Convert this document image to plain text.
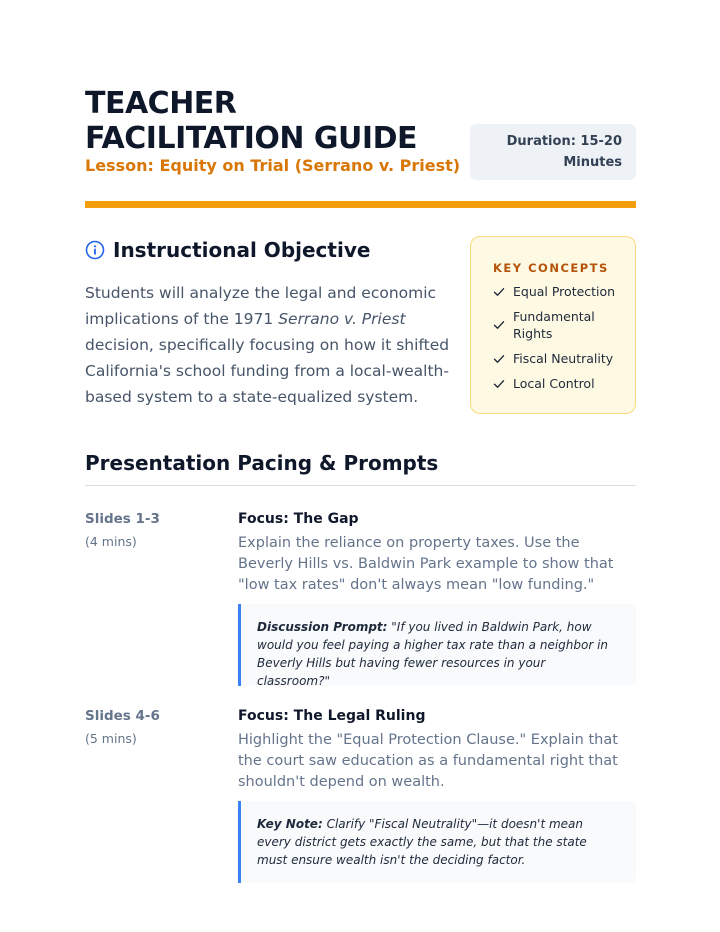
TEACHER FACILITATION GUIDE
Lesson: Equity on Trial (Serrano v. Priest)
Duration: 15-20
Minutes
Instructional Objective

Students will analyze the legal and economic implications of the 1971 Serrano v. Priest decision, specifically focusing on how it shifted California's school funding from a local-wealth-based system to a state-equalized system.

KEY CONCEPTS
Equal Protection
Fundamental Rights
Fiscal Neutrality
Local Control
Presentation Pacing & Prompts
Slides 1-3
(4 mins)
Focus: The Gap
Explain the reliance on property taxes. Use the Beverly Hills vs. Baldwin Park example to show that "low tax rates" don't always mean "low funding."
Discussion Prompt: "If you lived in Baldwin Park, how would you feel paying a higher tax rate than a neighbor in Beverly Hills but having fewer resources in your classroom?"
Slides 4-6
(5 mins)
Focus: The Legal Ruling
Highlight the "Equal Protection Clause." Explain that the court saw education as a fundamental right that shouldn't depend on wealth.
Key Note: Clarify "Fiscal Neutrality"—it doesn't mean every district gets exactly the same, but that the state must ensure wealth isn't the deciding factor.
